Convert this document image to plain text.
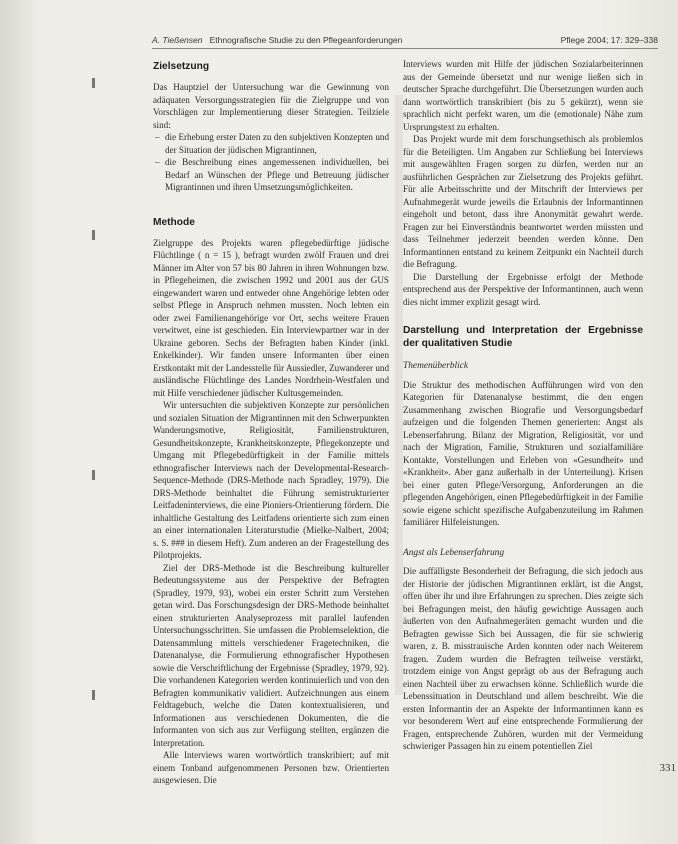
A. Tießensen Ethnografische Studie zu den Pflegeanforderungen	Pflege 2004; 17: 329–338
Zielsetzung

Das Hauptziel der Untersuchung war die Gewinnung von adäquaten Versorgungsstrategien für die Zielgruppe und von Vorschlägen zur Implementierung dieser Strategien. Teilziele sind:

– die Erhebung erster Daten zu den subjektiven Konzepten und der Situation der jüdischen Migrantinnen,
– die Beschreibung eines angemessenen individuellen, bei Bedarf an Wünschen der Pflege und Betreuung jüdischer Migrantinnen und ihren Umsetzungsmöglichkeiten.
Methode

Zielgruppe des Projekts waren pflegebedürftige jüdische Flüchtlinge ( n = 15 ), befragt wurden zwölf Frauen und drei Männer im Alter von 57 bis 80 Jahren in ihren Wohnungen bzw. in Pflegeheimen, die zwischen 1992 und 2001 aus der GUS eingewandert waren und entweder ohne Angehörige lebten oder selbst Pflege in Anspruch nehmen mussten. Noch lebten ein oder zwei Familienangehörige vor Ort, sechs weitere Frauen verwitwet, eine ist geschieden. Ein Interviewpartner war in der Ukraine geboren. Sechs der Befragten haben Kinder (inkl. Enkelkinder). Wir fanden unsere Informanten über einen Erstkontakt mit der Landesstelle für Aussiedler, Zuwanderer und ausländische Flüchtlinge des Landes Nordrhein-Westfalen und mit Hilfe verschiedener jüdischer Kultusgemeinden.

Wir untersuchten die subjektiven Konzepte zur persönlichen und sozialen Situation der Migrantinnen mit den Schwerpunkten Wanderungsmotive, Religiosität, Familienstrukturen, Gesundheitskonzepte, Krankheitskonzepte, Pflegekonzepte und Umgang mit Pflegebedürftigkeit in der Familie mittels ethnografischer Interviews nach der Developmental-Research-Sequence-Methode (DRS-Methode nach Spradley, 1979). Die DRS-Methode beinhaltet die Führung semistrukturierter Leitfadeninterviews, die eine Pioniers-Orientierung fördern. Die inhaltliche Gestaltung des Leitfadens orientierte sich zum einen an einer internationalen Literaturstudie (Mielke-Nalbert, 2004; s. S. ### in diesem Heft). Zum anderen an der Fragestellung des Pilotprojekts.

Ziel der DRS-Methode ist die Beschreibung kultureller Bedeutungssysteme aus der Perspektive der Befragten (Spradley, 1979, 93), wobei ein erster Schritt zum Verstehen getan wird. Das Forschungsdesign der DRS-Methode beinhaltet einen strukturierten Analyseprozess mit parallel laufenden Untersuchungsschritten. Sie umfassen die Problemselektion, die Datensammlung mittels verschiedener Fragetechniken, die Datenanalyse, die Formulierung ethnografischer Hypothesen sowie die Verschriftlichung der Ergebnisse (Spradley, 1979, 92). Die vorhandenen Kategorien werden kontinuierlich und von den Befragten kommunikativ validiert. Aufzeichnungen aus einem Feldtagebuch, welche die Daten kontextualisieren, und Informationen aus verschiedenen Dokumenten, die die Informanten von sich aus zur Verfügung stellten, ergänzen die Interpretation.

Alle Interviews waren wortwörtlich transkribiert; auf mit einem Tonband aufgenommenen Personen bzw. Orientierten ausgewiesen. Die

Interviews wurden mit Hilfe der jüdischen Sozialarbeiterinnen aus der Gemeinde übersetzt und nur wenige ließen sich in deutscher Sprache durchgeführt. Die Übersetzungen wurden auch dann wortwörtlich transkribiert (bis zu 5 gekürzt), wenn sie sprachlich nicht perfekt waren, um die (emotionale) Nähe zum Ursprungstext zu erhalten.

Das Projekt wurde mit dem forschungsethisch als problemlos für die Beteiligten. Um Angaben zur Schließung bei Interviews mit ausgewählten Fragen sorgen zu dürfen, werden nur an ausführlichen Gesprächen zur Zielsetzung des Projekts geführt. Für alle Arbeitsschritte und der Mitschrift der Interviews per Aufnahmegerät wurde jeweils die Erlaubnis der Informantinnen eingeholt und betont, dass ihre Anonymität gewahrt werde. Fragen zur bei Einverständnis beantwortet werden müssten und dass Teilnehmer jederzeit beenden werden könne. Den Informantinnen entstand zu keinem Zeitpunkt ein Nachteil durch die Befragung.

Die Darstellung der Ergebnisse erfolgt der Methode entsprechend aus der Perspektive der Informantinnen, auch wenn dies nicht immer explizit gesagt wird.

Darstellung und Interpretation der Ergebnisse der qualitativen Studie
Themenüberblick

Die Struktur des methodischen Aufführungen wird von den Kategorien für Datenanalyse bestimmt, die den engen Zusammenhang zwischen Biografie und Versorgungsbedarf aufzeigen und die folgenden Themen generierten: Angst als Lebenserfahrung. Bilanz der Migration, Religiosität, vor und nach der Migration, Familie, Strukturen und sozialfamiliäre Kontakte, Vorstellungen und Erleben von «Gesundheit» und «Krankheit». Aber ganz außerhalb in der Unterteilung). Krisen bei einer guten Pflege/Versorgung, Anforderungen an die pflegenden Angehörigen, einen Pflegebedürftigkeit in der Familie sowie eigene schicht spezifische Aufgabenzuteilung im Rahmen familiärer Hilfeleistungen.

Angst als Lebenserfahrung

Die auffälligste Besonderheit der Befragung, die sich jedoch aus der Historie der jüdischen Migrantinnen erklärt, ist die Angst, offen über ihr und ihre Erfahrungen zu sprechen. Dies zeigte sich bei Befragungen meist, den häufig gewichtige Aussagen auch äußerten von den Aufnahmegeräten gemacht wurden und die Befragten gewisse Sich bei Aussagen, die für sie schwierig waren, z. B. misstrauische Arden konnten oder nach Weiterem fragen. Zudem wurden die Befragten teilweise verstärkt, trotzdem einige von Angst geprägt ob aus der Befragung auch einen Nachteil über zu erwachsen könne. Schließlich wurde die Lebenssituation in Deutschland und allem beschreibt. Wie die ersten Informantin der an Aspekte der Informantinnen kann es vor besonderem Wert auf eine entsprechende Formulierung der Fragen, entsprechende Zuhören, wurden mit der Vermeidung schwieriger Passagen hin zu einem potentiellen Ziel

331
